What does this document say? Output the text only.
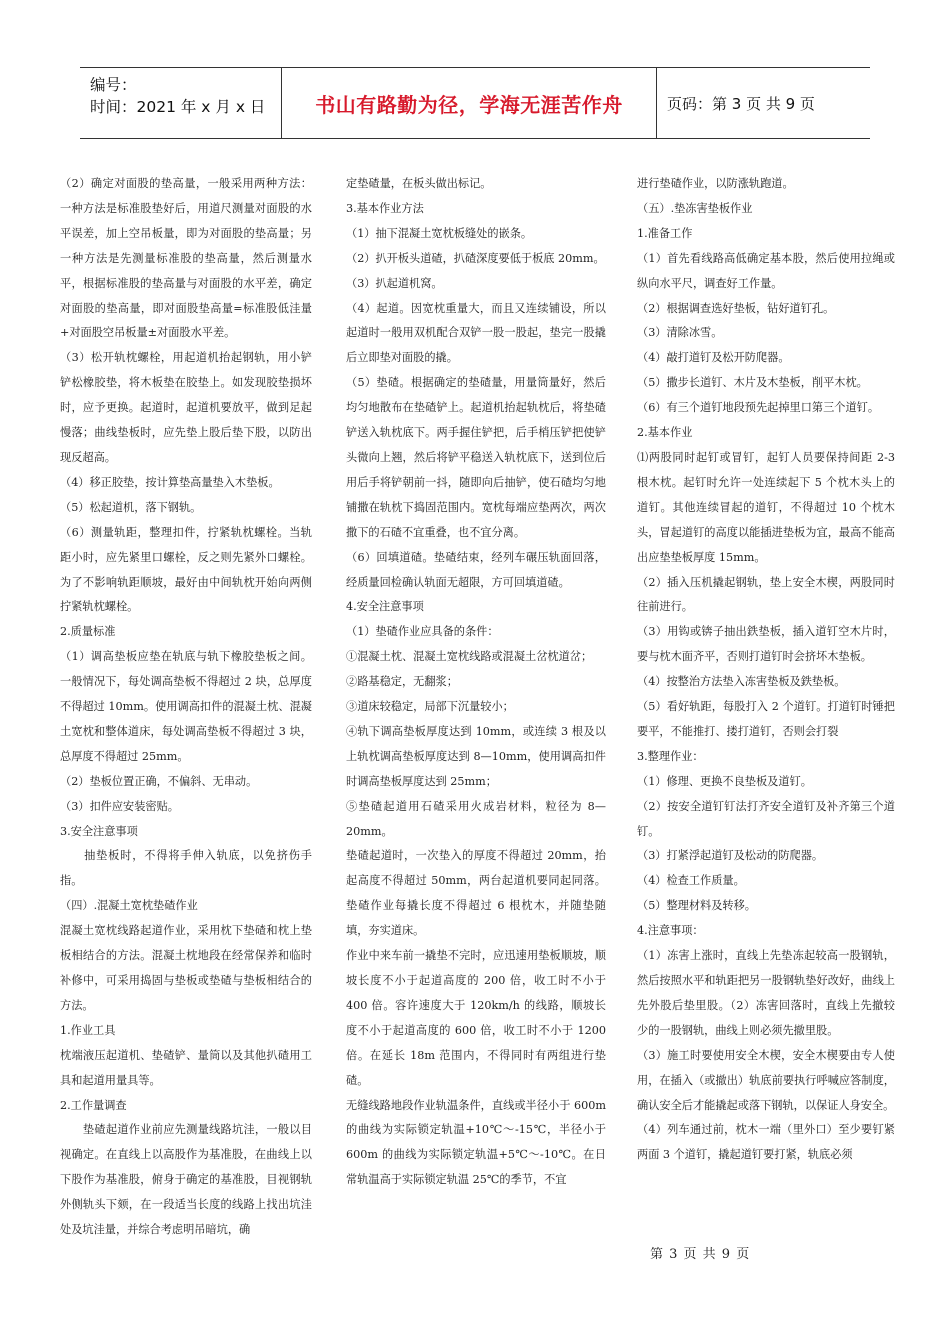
编号：
时间：2021 年 x 月 x 日	书山有路勤为径，学海无涯苦作舟	页码：第 3 页 共 9 页

（2）确定对面股的垫高量，一般采用两种方法：一种方法是标准股垫好后，用道尺测量对面股的水平误差，加上空吊板量，即为对面股的垫高量；另一种方法是先测量标准股的垫高量，然后测量水平，根据标准股的垫高量与对面股的水平差，确定对面股的垫高量，即对面股垫高量=标准股低洼量+对面股空吊板量±对面股水平差。

（3）松开轨枕螺栓，用起道机抬起钢轨，用小铲铲松橡胶垫，将木板垫在胶垫上。如发现胶垫损坏时，应予更换。起道时，起道机要放平，做到足起慢落；曲线垫板时，应先垫上股后垫下股，以防出现反超高。

（4）移正胶垫，按计算垫高量垫入木垫板。

（5）松起道机，落下钢轨。

（6）测量轨距，整理扣件，拧紧轨枕螺栓。当轨距小时，应先紧里口螺栓，反之则先紧外口螺栓。为了不影响轨距顺坡，最好由中间轨枕开始向两侧拧紧轨枕螺栓。

2.质量标准

（1）调高垫板应垫在轨底与轨下橡胶垫板之间。一般情况下，每处调高垫板不得超过 2 块，总厚度不得超过 10mm。使用调高扣件的混凝土枕、混凝土宽枕和整体道床，每处调高垫板不得超过 3 块，总厚度不得超过 25mm。

（2）垫板位置正确，不偏斜、无串动。

（3）扣件应安装密贴。

3.安全注意事项

　　抽垫板时，不得将手伸入轨底，以免挤伤手指。

（四）.混凝土宽枕垫碴作业

混凝土宽枕线路起道作业，采用枕下垫碴和枕上垫板相结合的方法。混凝土枕地段在经常保养和临时补修中，可采用捣固与垫板或垫碴与垫板相结合的方法。

1.作业工具

枕端液压起道机、垫碴铲、量筒以及其他扒碴用工具和起道用量具等。

2.工作量调查

　　垫碴起道作业前应先测量线路坑洼，一般以目视确定。在直线上以高股作为基准股，在曲线上以下股作为基准股，俯身于确定的基准股，目视钢轨外侧轨头下颏，在一段适当长度的线路上找出坑洼处及坑洼量，并综合考虑明吊暗坑，确

定垫碴量，在板头做出标记。

3.基本作业方法

（1）抽下混凝土宽枕板缝处的嵌条。

（2）扒开板头道碴，扒碴深度要低于板底 20mm。

（3）扒起道机窝。

（4）起道。因宽枕重量大，而且又连续铺设，所以起道时一般用双机配合双铲一股一股起，垫完一股撬后立即垫对面股的撬。

（5）垫碴。根据确定的垫碴量，用量筒量好，然后均匀地散布在垫碴铲上。起道机抬起轨枕后，将垫碴铲送入轨枕底下。两手握住铲把，后手梢压铲把使铲头微向上翘，然后将铲平稳送入轨枕底下，送到位后用后手将铲朝前一抖，随即向后抽铲，使石碴均匀地铺撒在轨枕下捣固范围内。宽枕每端应垫两次，两次撒下的石碴不宜重叠，也不宜分离。

（6）回填道碴。垫碴结束，经列车碾压轨面回落，经质量回检确认轨面无超限，方可回填道碴。

4.安全注意事项

（1）垫碴作业应具备的条件：

①混凝土枕、混凝土宽枕线路或混凝土岔枕道岔；

②路基稳定，无翻浆；

③道床较稳定，局部下沉量较小；

④轨下调高垫板厚度达到 10mm，或连续 3 根及以上轨枕调高垫板厚度达到 8—10mm，使用调高扣件时调高垫板厚度达到 25mm；

⑤垫碴起道用石碴采用火成岩材料，粒径为 8—20mm。

垫碴起道时，一次垫入的厚度不得超过 20mm，抬起高度不得超过 50mm，两台起道机要同起同落。垫碴作业每撬长度不得超过 6 根枕木，并随垫随填，夯实道床。

作业中来车前一撬垫不完时，应迅速用垫板顺坡，顺坡长度不小于起道高度的 200 倍，收工时不小于 400 倍。容许速度大于 120km/h 的线路，顺坡长度不小于起道高度的 600 倍，收工时不小于 1200 倍。在延长 18m 范围内，不得同时有两组进行垫碴。

无缝线路地段作业轨温条件，直线或半径小于 600m 的曲线为实际锁定轨温+10℃～-15℃，半径小于 600m 的曲线为实际锁定轨温+5℃～-10℃。在日常轨温高于实际锁定轨温 25℃的季节，不宜

进行垫碴作业，以防涨轨跑道。

（五）.垫冻害垫板作业

1.准备工作

（1）首先看线路高低确定基本股，然后使用拉绳或纵向水平尺，调查好工作量。

（2）根据调查选好垫板，钻好道钉孔。

（3）清除冰雪。

（4）敲打道钉及松开防爬器。

（5）撒步长道钉、木片及木垫板，削平木枕。

（6）有三个道钉地段预先起掉里口第三个道钉。

2.基本作业

⑴两股同时起钉或冒钉，起钉人员要保持间距 2-3 根木枕。起钉时允许一处连续起下 5 个枕木头上的道钉。其他连续冒起的道钉，不得超过 10 个枕木头，冒起道钉的高度以能插进垫板为宜，最高不能高出应垫垫板厚度 15mm。

（2）插入压机撬起钢轨，垫上安全木楔，两股同时往前进行。

（3）用钩或锛子抽出鉄垫板，插入道钉空木片时，要与枕木面齐平，否则打道钉时会挤坏木垫板。

（4）按整治方法垫入冻害垫板及鉄垫板。

（5）看好轨距，每股打入 2 个道钉。打道钉时锤把要平，不能推打、搂打道钉，否则会打裂

3.整理作业：

（1）修理、更换不良垫板及道钉。

（2）按安全道钉钉法打齐安全道钉及补齐第三个道钉。

（3）打紧浮起道钉及松动的防爬器。

（4）检查工作质量。

（5）整理材料及转移。

4.注意事项：

（1）冻害上涨时，直线上先垫冻起较高一股钢轨，然后按照水平和轨距把另一股钢轨垫好改好，曲线上先外股后垫里股。（2）冻害回落时，直线上先撤较少的一股钢轨，曲线上则必须先撤里股。

（3）施工时要使用安全木楔，安全木楔要由专人使用，在插入（或撤出）轨底前要执行呼喊应答制度，确认安全后才能撬起或落下钢轨，以保证人身安全。

（4）列车通过前，枕木一端（里外口）至少要钉紧两面 3 个道钉，撬起道钉要打紧，轨底必须

第 3 页 共 9 页
